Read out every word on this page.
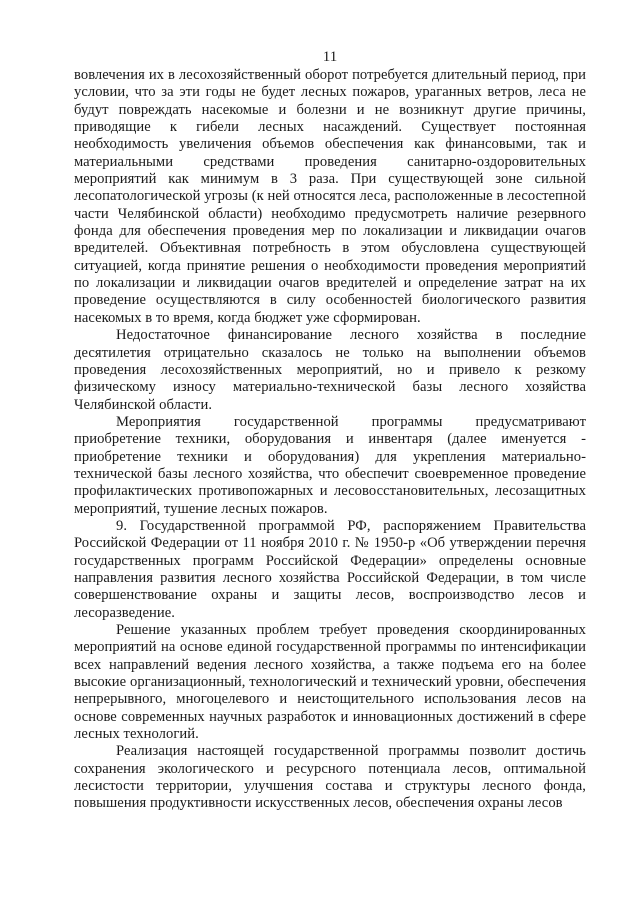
11

вовлечения их в лесохозяйственный оборот потребуется длительный период, при условии, что за эти годы не будет лесных пожаров, ураганных ветров, леса не будут повреждать насекомые и болезни и не возникнут другие причины, приводящие к гибели лесных насаждений. Существует постоянная необходимость увеличения объемов обеспечения как финансовыми, так и материальными средствами проведения санитарно-оздоровительных мероприятий как минимум в 3 раза. При существующей зоне сильной лесопатологической угрозы (к ней относятся леса, расположенные в лесостепной части Челябинской области) необходимо предусмотреть наличие резервного фонда для обеспечения проведения мер по локализации и ликвидации очагов вредителей. Объективная потребность в этом обусловлена существующей ситуацией, когда принятие решения о необходимости проведения мероприятий по локализации и ликвидации очагов вредителей и определение затрат на их проведение осуществляются в силу особенностей биологического развития насекомых в то время, когда бюджет уже сформирован.

Недостаточное финансирование лесного хозяйства в последние десятилетия отрицательно сказалось не только на выполнении объемов проведения лесохозяйственных мероприятий, но и привело к резкому физическому износу материально-технической базы лесного хозяйства Челябинской области.

Мероприятия государственной программы предусматривают приобретение техники, оборудования и инвентаря (далее именуется - приобретение техники и оборудования) для укрепления материально-технической базы лесного хозяйства, что обеспечит своевременное проведение профилактических противопожарных и лесовосстановительных, лесозащитных мероприятий, тушение лесных пожаров.

9. Государственной программой РФ, распоряжением Правительства Российской Федерации от 11 ноября 2010 г. № 1950-р «Об утверждении перечня государственных программ Российской Федерации» определены основные направления развития лесного хозяйства Российской Федерации, в том числе совершенствование охраны и защиты лесов, воспроизводство лесов и лесоразведение.

Решение указанных проблем требует проведения скоординированных мероприятий на основе единой государственной программы по интенсификации всех направлений ведения лесного хозяйства, а также подъема его на более высокие организационный, технологический и технический уровни, обеспечения непрерывного, многоцелевого и неистощительного использования лесов на основе современных научных разработок и инновационных достижений в сфере лесных технологий.

Реализация настоящей государственной программы позволит достичь сохранения экологического и ресурсного потенциала лесов, оптимальной лесистости территории, улучшения состава и структуры лесного фонда, повышения продуктивности искусственных лесов, обеспечения охраны лесов
